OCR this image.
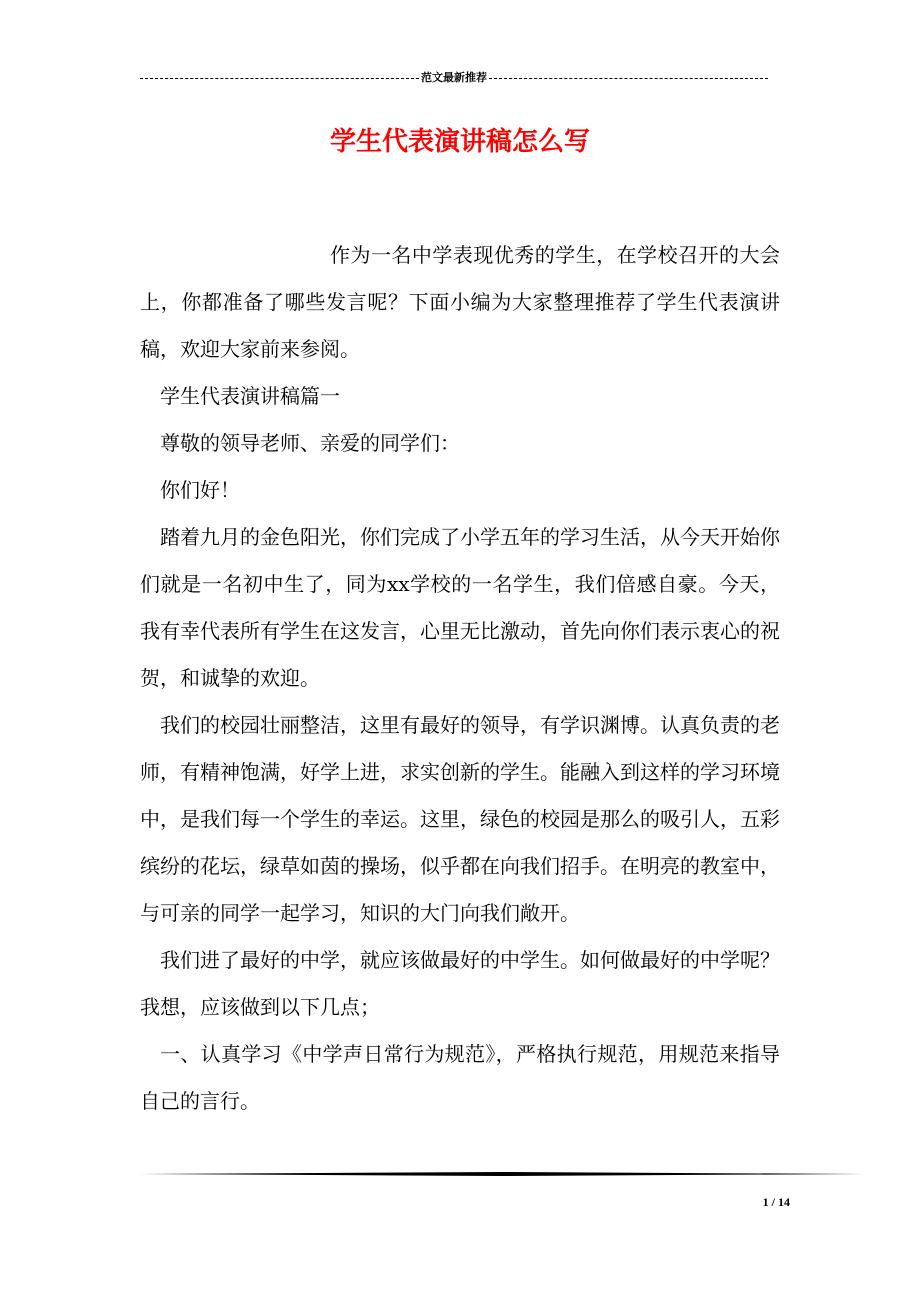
范文最新推荐
学生代表演讲稿怎么写

作为一名中学表现优秀的学生，在学校召开的大会上，你都准备了哪些发言呢？下面小编为大家整理推荐了学生代表演讲稿，欢迎大家前来参阅。

学生代表演讲稿篇一

尊敬的领导老师、亲爱的同学们：

你们好！

踏着九月的金色阳光，你们完成了小学五年的学习生活，从今天开始你们就是一名初中生了，同为xx学校的一名学生，我们倍感自豪。今天，我有幸代表所有学生在这发言，心里无比激动，首先向你们表示衷心的祝贺，和诚挚的欢迎。

我们的校园壮丽整洁，这里有最好的领导，有学识渊博。认真负责的老师，有精神饱满，好学上进，求实创新的学生。能融入到这样的学习环境中，是我们每一个学生的幸运。这里，绿色的校园是那么的吸引人，五彩缤纷的花坛，绿草如茵的操场，似乎都在向我们招手。在明亮的教室中，与可亲的同学一起学习，知识的大门向我们敞开。

我们进了最好的中学，就应该做最好的中学生。如何做最好的中学呢？我想，应该做到以下几点；

一、认真学习《中学声日常行为规范》，严格执行规范，用规范来指导自己的言行。

1 / 14
